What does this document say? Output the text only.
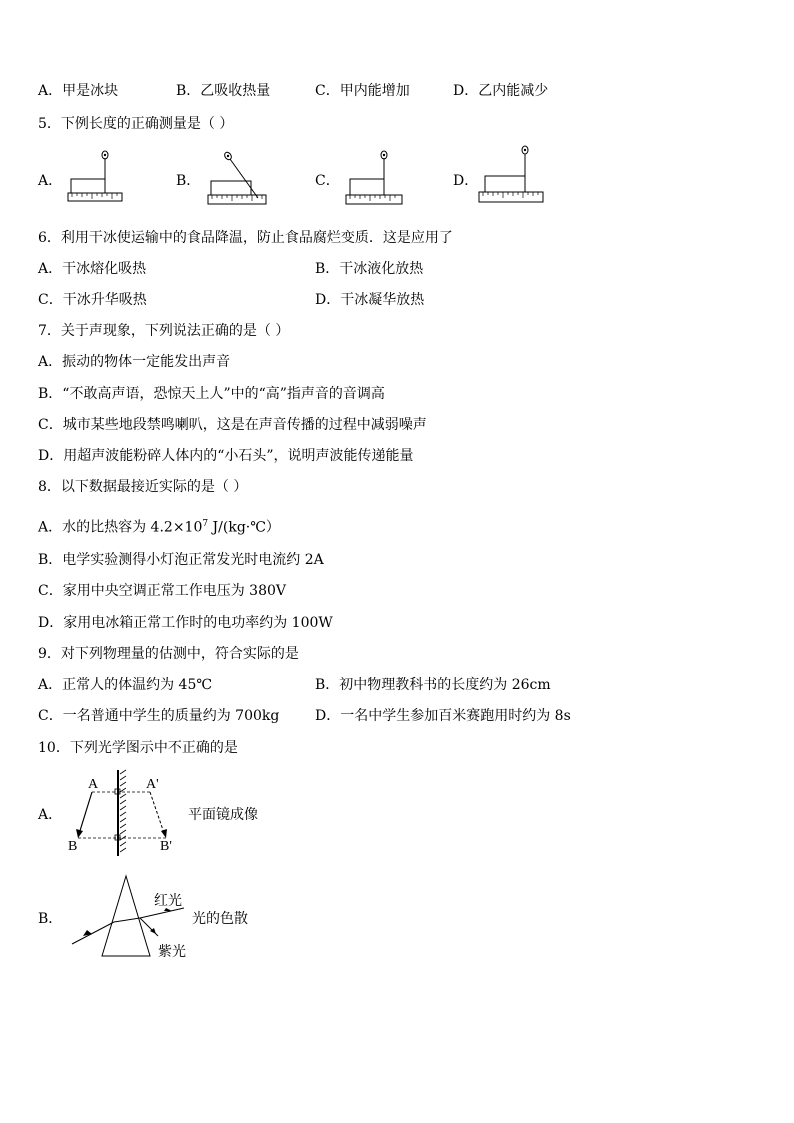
A．甲是冰块	B．乙吸收热量	C．甲内能增加	D．乙内能减少
5．下例长度的正确测量是（ ）
A．	B．	C．	D．
6．利用干冰使运输中的食品降温，防止食品腐烂变质．这是应用了
A．干冰熔化吸热	B．干冰液化放热
C．干冰升华吸热	D．干冰凝华放热
7．关于声现象，下列说法正确的是（ ）
A．振动的物体一定能发出声音
B．“不敢高声语，恐惊天上人”中的“高”指声音的音调高
C．城市某些地段禁鸣喇叭，这是在声音传播的过程中减弱噪声
D．用超声波能粉碎人体内的“小石头”，说明声波能传递能量
8．以下数据最接近实际的是（ ）
A．水的比热容为 $4.2\times 10^7$ J/(kg·℃）
B．电学实验测得小灯泡正常发光时电流约 2A
C．家用中央空调正常工作电压为 380V
D．家用电冰箱正常工作时的电功率约为 100W
9．对下列物理量的估测中，符合实际的是
A．正常人的体温约为 45℃	B．初中物理教科书的长度约为 26cm
C．一名普通中学生的质量约为 700kg	D．一名中学生参加百米赛跑用时约为 8s
10．下列光学图示中不正确的是
A．
A	A'
B	B'
平面镜成像
B．
红光
光的色散
紫光
